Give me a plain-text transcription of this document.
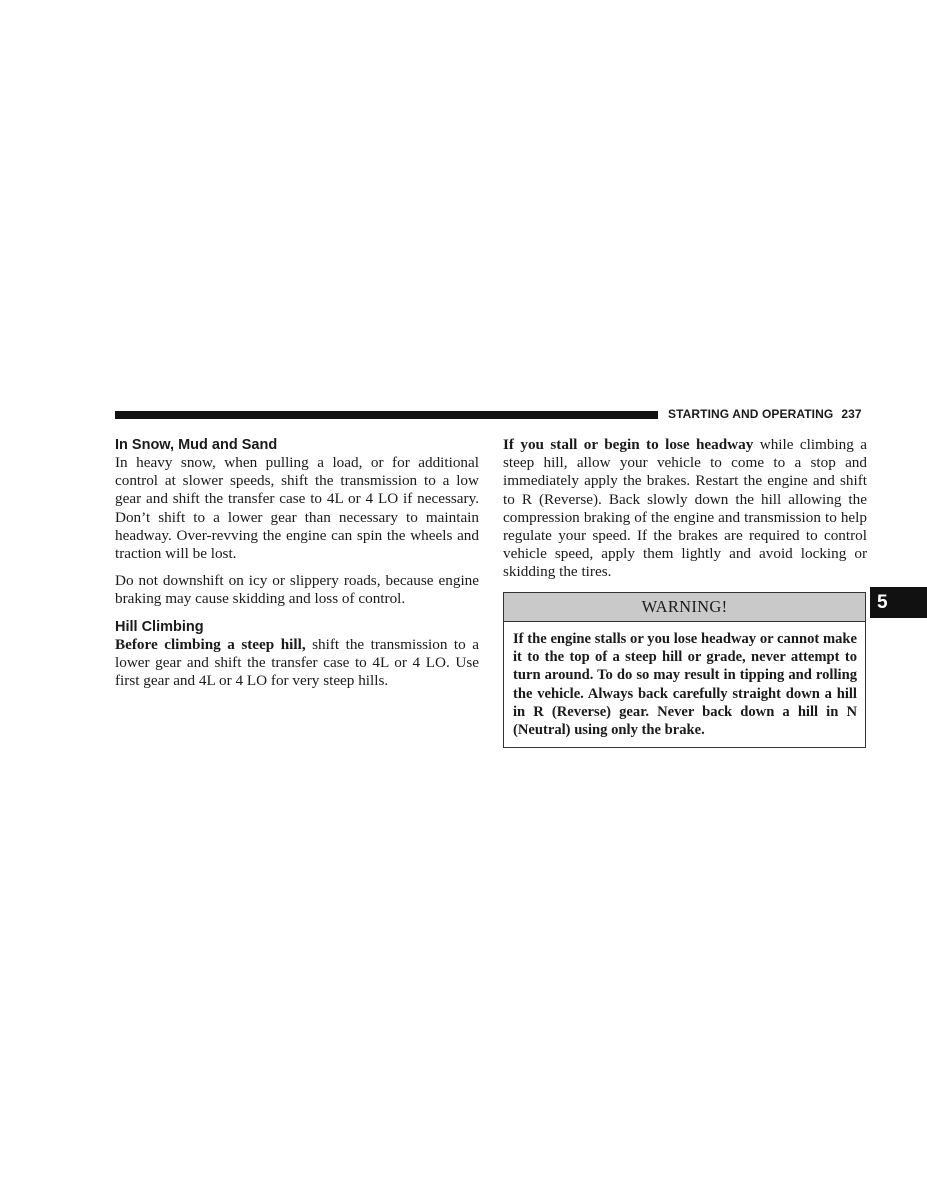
STARTING AND OPERATING 237
In Snow, Mud and Sand

In heavy snow, when pulling a load, or for additional control at slower speeds, shift the transmission to a low gear and shift the transfer case to 4L or 4 LO if necessary. Don’t shift to a lower gear than necessary to maintain headway. Over-revving the engine can spin the wheels and traction will be lost.

Do not downshift on icy or slippery roads, because engine braking may cause skidding and loss of control.

Hill Climbing

Before climbing a steep hill, shift the transmission to a lower gear and shift the transfer case to 4L or 4 LO. Use first gear and 4L or 4 LO for very steep hills.

If you stall or begin to lose headway while climbing a steep hill, allow your vehicle to come to a stop and immediately apply the brakes. Restart the engine and shift to R (Reverse). Back slowly down the hill allowing the compression braking of the engine and transmission to help regulate your speed. If the brakes are required to control vehicle speed, apply them lightly and avoid locking or skidding the tires.

WARNING!
If the engine stalls or you lose headway or cannot make it to the top of a steep hill or grade, never attempt to turn around. To do so may result in tipping and rolling the vehicle. Always back carefully straight down a hill in R (Reverse) gear. Never back down a hill in N (Neutral) using only the brake.
5
